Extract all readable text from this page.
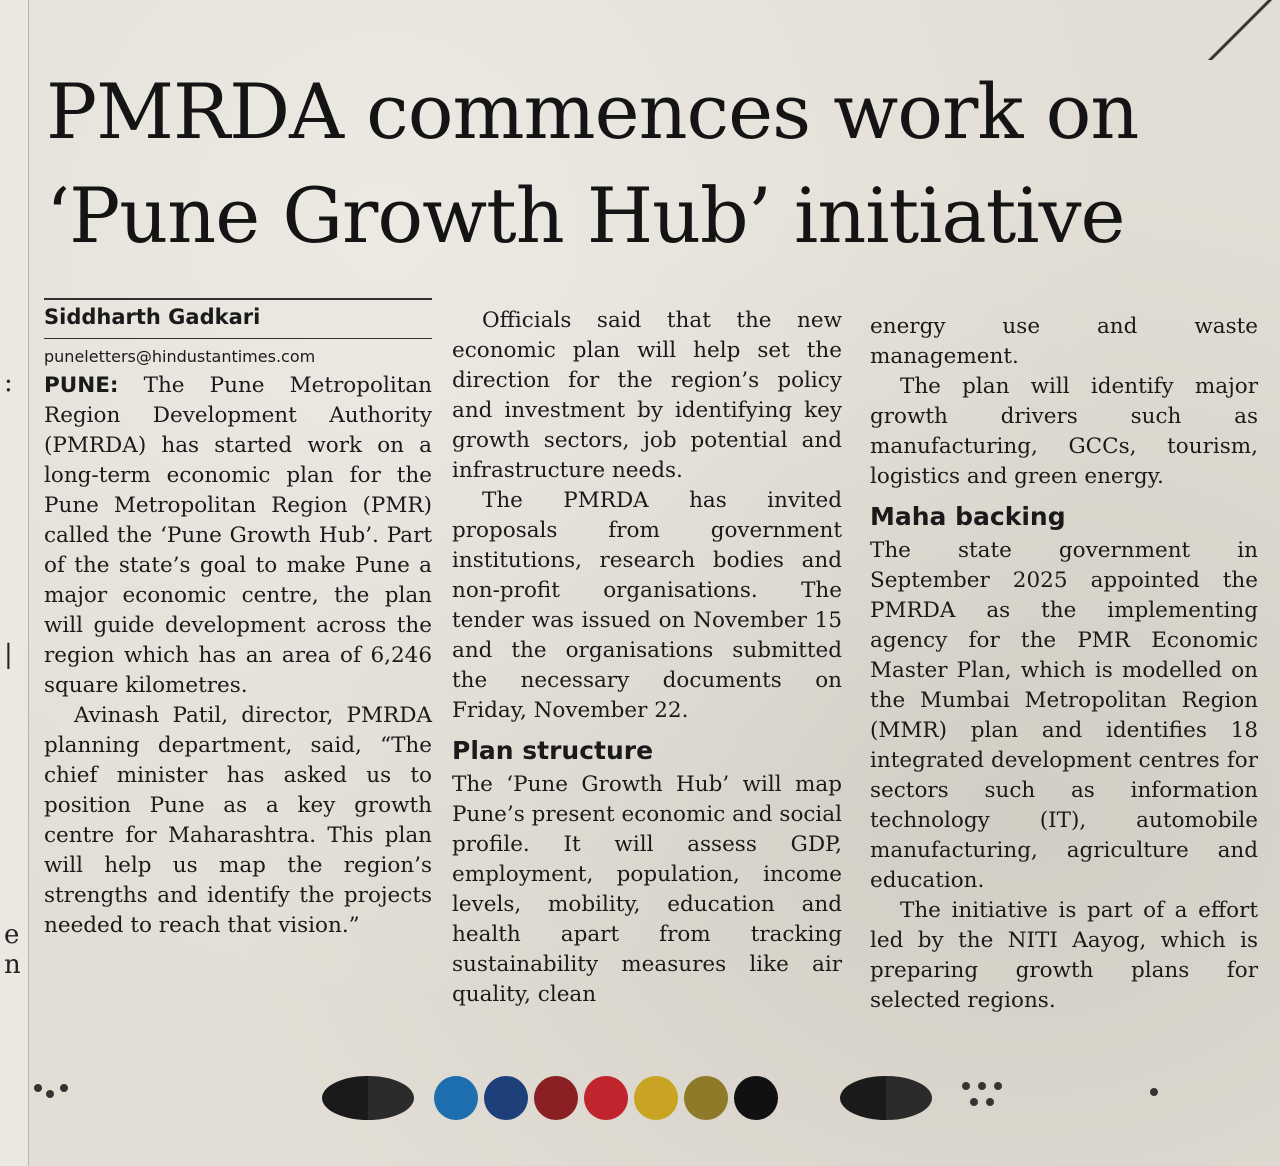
:
|
e
n
PMRDA commences work on
‘Pune Growth Hub’ initiative
Siddharth Gadkari
puneletters@hindustantimes.com

PUNE: The Pune Metropolitan Region Development Authority (PMRDA) has started work on a long-term economic plan for the Pune Metropolitan Region (PMR) called the ‘Pune Growth Hub’. Part of the state’s goal to make Pune a major economic centre, the plan will guide development across the region which has an area of 6,246 square kilometres.

Avinash Patil, director, PMRDA planning department, said, “The chief minister has asked us to position Pune as a key growth centre for Maharashtra. This plan will help us map the region’s strengths and identify the projects needed to reach that vision.”

Officials said that the new economic plan will help set the direction for the region’s policy and investment by identifying key growth sectors, job potential and infrastructure needs.

The PMRDA has invited proposals from government institutions, research bodies and non-profit organisations. The tender was issued on November 15 and the organisations submitted the necessary documents on Friday, November 22.

Plan structure

The ‘Pune Growth Hub’ will map Pune’s present economic and social profile. It will assess GDP, employment, population, income levels, mobility, education and health apart from tracking sustainability measures like air quality, clean

energy use and waste management.

The plan will identify major growth drivers such as manufacturing, GCCs, tourism, logistics and green energy.

Maha backing

The state government in September 2025 appointed the PMRDA as the implementing agency for the PMR Economic Master Plan, which is modelled on the Mumbai Metropolitan Region (MMR) plan and identifies 18 integrated development centres for sectors such as information technology (IT), automobile manufacturing, agriculture and education.

The initiative is part of a effort led by the NITI Aayog, which is preparing growth plans for selected regions.
